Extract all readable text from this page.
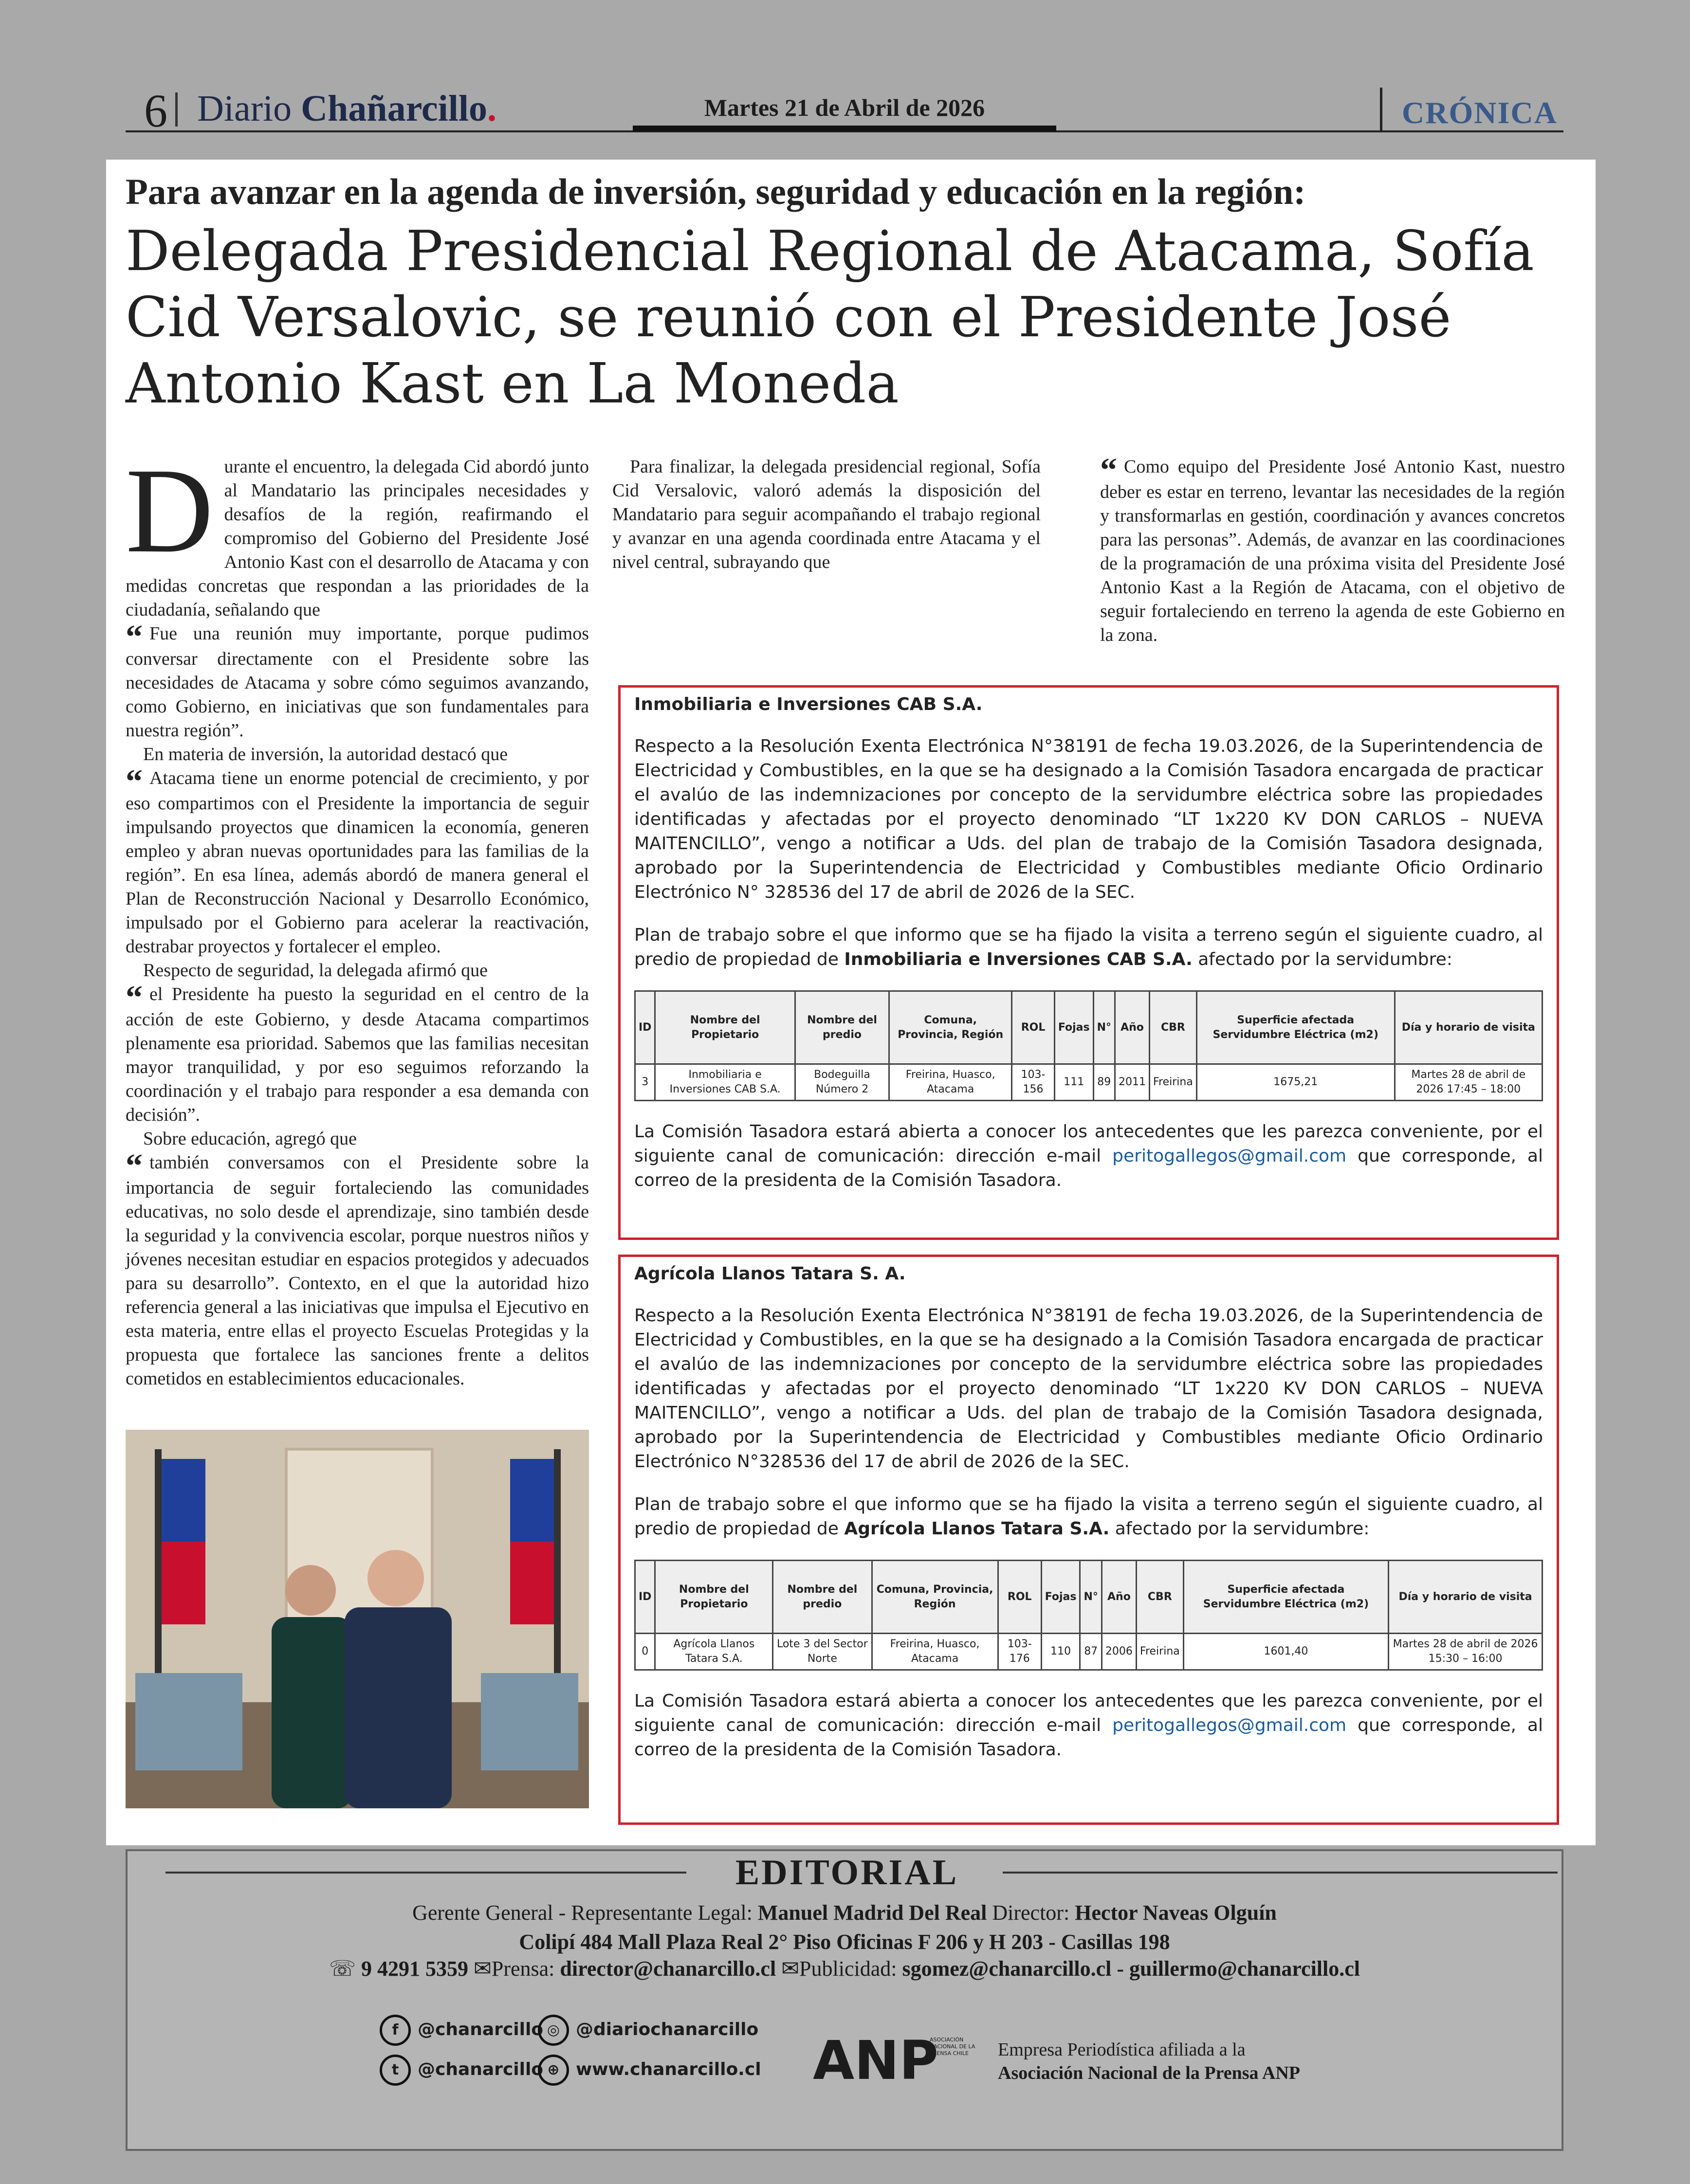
6 Diario Chañarcillo.	Martes 21 de Abril de 2026	CRÓNICA
Para avanzar en la agenda de inversión, seguridad y educación en la región:
Delegada Presidencial Regional de Atacama, Sofía Cid Versalovic, se reunió con el Presidente José Antonio Kast en La Moneda

Durante el encuentro, la delegada Cid abordó junto al Mandatario las principales necesidades y desafíos de la región, reafirmando el compromiso del Gobierno del Presidente José Antonio Kast con el desarrollo de Atacama y con medidas concretas que respondan a las prioridades de la ciudadanía, señalando que

“ Fue una reunión muy importante, porque pudimos conversar directamente con el Presidente sobre las necesidades de Atacama y sobre cómo seguimos avanzando, como Gobierno, en iniciativas que son fundamentales para nuestra región”.

En materia de inversión, la autoridad destacó que

“ Atacama tiene un enorme potencial de crecimiento, y por eso compartimos con el Presidente la importancia de seguir impulsando proyectos que dinamicen la economía, generen empleo y abran nuevas oportunidades para las familias de la región”. En esa línea, además abordó de manera general el Plan de Reconstrucción Nacional y Desarrollo Económico, impulsado por el Gobierno para acelerar la reactivación, destrabar proyectos y fortalecer el empleo.

Respecto de seguridad, la delegada afirmó que

“ el Presidente ha puesto la seguridad en el centro de la acción de este Gobierno, y desde Atacama compartimos plenamente esa prioridad. Sabemos que las familias necesitan mayor tranquilidad, y por eso seguimos reforzando la coordinación y el trabajo para responder a esa demanda con decisión”.

Sobre educación, agregó que

“ también conversamos con el Presidente sobre la importancia de seguir fortaleciendo las comunidades educativas, no solo desde el aprendizaje, sino también desde la seguridad y la convivencia escolar, porque nuestros niños y jóvenes necesitan estudiar en espacios protegidos y adecuados para su desarrollo”. Contexto, en el que la autoridad hizo referencia general a las iniciativas que impulsa el Ejecutivo en esta materia, entre ellas el proyecto Escuelas Protegidas y la propuesta que fortalece las sanciones frente a delitos cometidos en establecimientos educacionales.

Para finalizar, la delegada presidencial regional, Sofía Cid Versalovic, valoró además la disposición del Mandatario para seguir acompañando el trabajo regional y avanzar en una agenda coordinada entre Atacama y el nivel central, subrayando que

“ Como equipo del Presidente José Antonio Kast, nuestro deber es estar en terreno, levantar las necesidades de la región y transformarlas en gestión, coordinación y avances concretos para las personas”. Además, de avanzar en las coordinaciones de la programación de una próxima visita del Presidente José Antonio Kast a la Región de Atacama, con el objetivo de seguir fortaleciendo en terreno la agenda de este Gobierno en la zona.

Inmobiliaria e Inversiones CAB S.A.

Respecto a la Resolución Exenta Electrónica N°38191 de fecha 19.03.2026, de la Superintendencia de Electricidad y Combustibles, en la que se ha designado a la Comisión Tasadora encargada de practicar el avalúo de las indemnizaciones por concepto de la servidumbre eléctrica sobre las propiedades identificadas y afectadas por el proyecto denominado “LT 1x220 KV DON CARLOS – NUEVA MAITENCILLO”, vengo a notificar a Uds. del plan de trabajo de la Comisión Tasadora designada, aprobado por la Superintendencia de Electricidad y Combustibles mediante Oficio Ordinario Electrónico N° 328536 del 17 de abril de 2026 de la SEC.

Plan de trabajo sobre el que informo que se ha fijado la visita a terreno según el siguiente cuadro, al predio de propiedad de Inmobiliaria e Inversiones CAB S.A. afectado por la servidumbre:

ID	Nombre del Propietario	Nombre del predio	Comuna, Provincia, Región	ROL	Fojas	N°	Año	CBR	Superficie afectada Servidumbre Eléctrica (m2)	Día y horario de visita
3	Inmobiliaria e Inversiones CAB S.A.	Bodeguilla Número 2	Freirina, Huasco, Atacama	103-156	111	89	2011	Freirina	1675,21	Martes 28 de abril de 2026 17:45 – 18:00

La Comisión Tasadora estará abierta a conocer los antecedentes que les parezca conveniente, por el siguiente canal de comunicación: dirección e-mail peritogallegos@gmail.com que corresponde, al correo de la presidenta de la Comisión Tasadora.

Agrícola Llanos Tatara S. A.

Respecto a la Resolución Exenta Electrónica N°38191 de fecha 19.03.2026, de la Superintendencia de Electricidad y Combustibles, en la que se ha designado a la Comisión Tasadora encargada de practicar el avalúo de las indemnizaciones por concepto de la servidumbre eléctrica sobre las propiedades identificadas y afectadas por el proyecto denominado “LT 1x220 KV DON CARLOS – NUEVA MAITENCILLO”, vengo a notificar a Uds. del plan de trabajo de la Comisión Tasadora designada, aprobado por la Superintendencia de Electricidad y Combustibles mediante Oficio Ordinario Electrónico N°328536 del 17 de abril de 2026 de la SEC.

Plan de trabajo sobre el que informo que se ha fijado la visita a terreno según el siguiente cuadro, al predio de propiedad de Agrícola Llanos Tatara S.A. afectado por la servidumbre:

ID	Nombre del Propietario	Nombre del predio	Comuna, Provincia, Región	ROL	Fojas	N°	Año	CBR	Superficie afectada Servidumbre Eléctrica (m2)	Día y horario de visita
0	Agrícola Llanos Tatara S.A.	Lote 3 del Sector Norte	Freirina, Huasco, Atacama	103-176	110	87	2006	Freirina	1601,40	Martes 28 de abril de 2026 15:30 – 16:00

La Comisión Tasadora estará abierta a conocer los antecedentes que les parezca conveniente, por el siguiente canal de comunicación: dirección e-mail peritogallegos@gmail.com que corresponde, al correo de la presidenta de la Comisión Tasadora.

EDITORIAL
Gerente General - Representante Legal: Manuel Madrid Del Real Director: Hector Naveas Olguín
Colipí 484 Mall Plaza Real 2° Piso Oficinas F 206 y H 203 - Casillas 198
☏ 9 4291 5359 ✉Prensa: director@chanarcillo.cl ✉Publicidad: sgomez@chanarcillo.cl - guillermo@chanarcillo.cl
f @chanarcillo ◎ @diariochanarcillo
t @chanarcillo ⊕ www.chanarcillo.cl ANP
ASOCIACIÓN NACIONAL DE LA PRENSA CHILE	Empresa Periodística afiliada a la
Asociación Nacional de la Prensa ANP
